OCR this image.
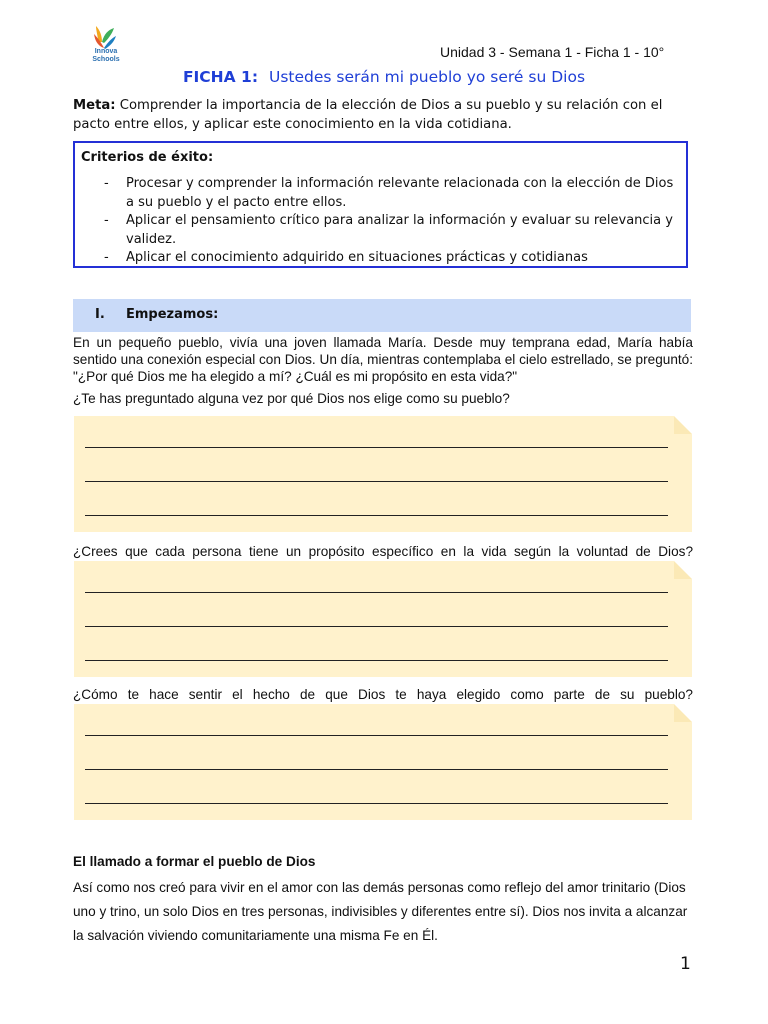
Innova Schools	Unidad 3 - Semana 1 - Ficha 1 - 10°
FICHA 1: Ustedes serán mi pueblo yo seré su Dios
Meta: Comprender la importancia de la elección de Dios a su pueblo y su relación con el pacto entre ellos, y aplicar este conocimiento en la vida cotidiana.
Criterios de éxito:
- Procesar y comprender la información relevante relacionada con la elección de Dios a su pueblo y el pacto entre ellos.
- Aplicar el pensamiento crítico para analizar la información y evaluar su relevancia y validez.
- Aplicar el conocimiento adquirido en situaciones prácticas y cotidianas
I. Empezamos:
En un pequeño pueblo, vivía una joven llamada María. Desde muy temprana edad, María había sentido una conexión especial con Dios. Un día, mientras contemplaba el cielo estrellado, se preguntó: "¿Por qué Dios me ha elegido a mí? ¿Cuál es mi propósito en esta vida?"
¿Te has preguntado alguna vez por qué Dios nos elige como su pueblo?
¿Crees que cada persona tiene un propósito específico en la vida según la voluntad de Dios?
¿Cómo te hace sentir el hecho de que Dios te haya elegido como parte de su pueblo?
El llamado a formar el pueblo de Dios
Así como nos creó para vivir en el amor con las demás personas como reflejo del amor trinitario (Dios uno y trino, un solo Dios en tres personas, indivisibles y diferentes entre sí). Dios nos invita a alcanzar la salvación viviendo comunitariamente una misma Fe en Él.
1
